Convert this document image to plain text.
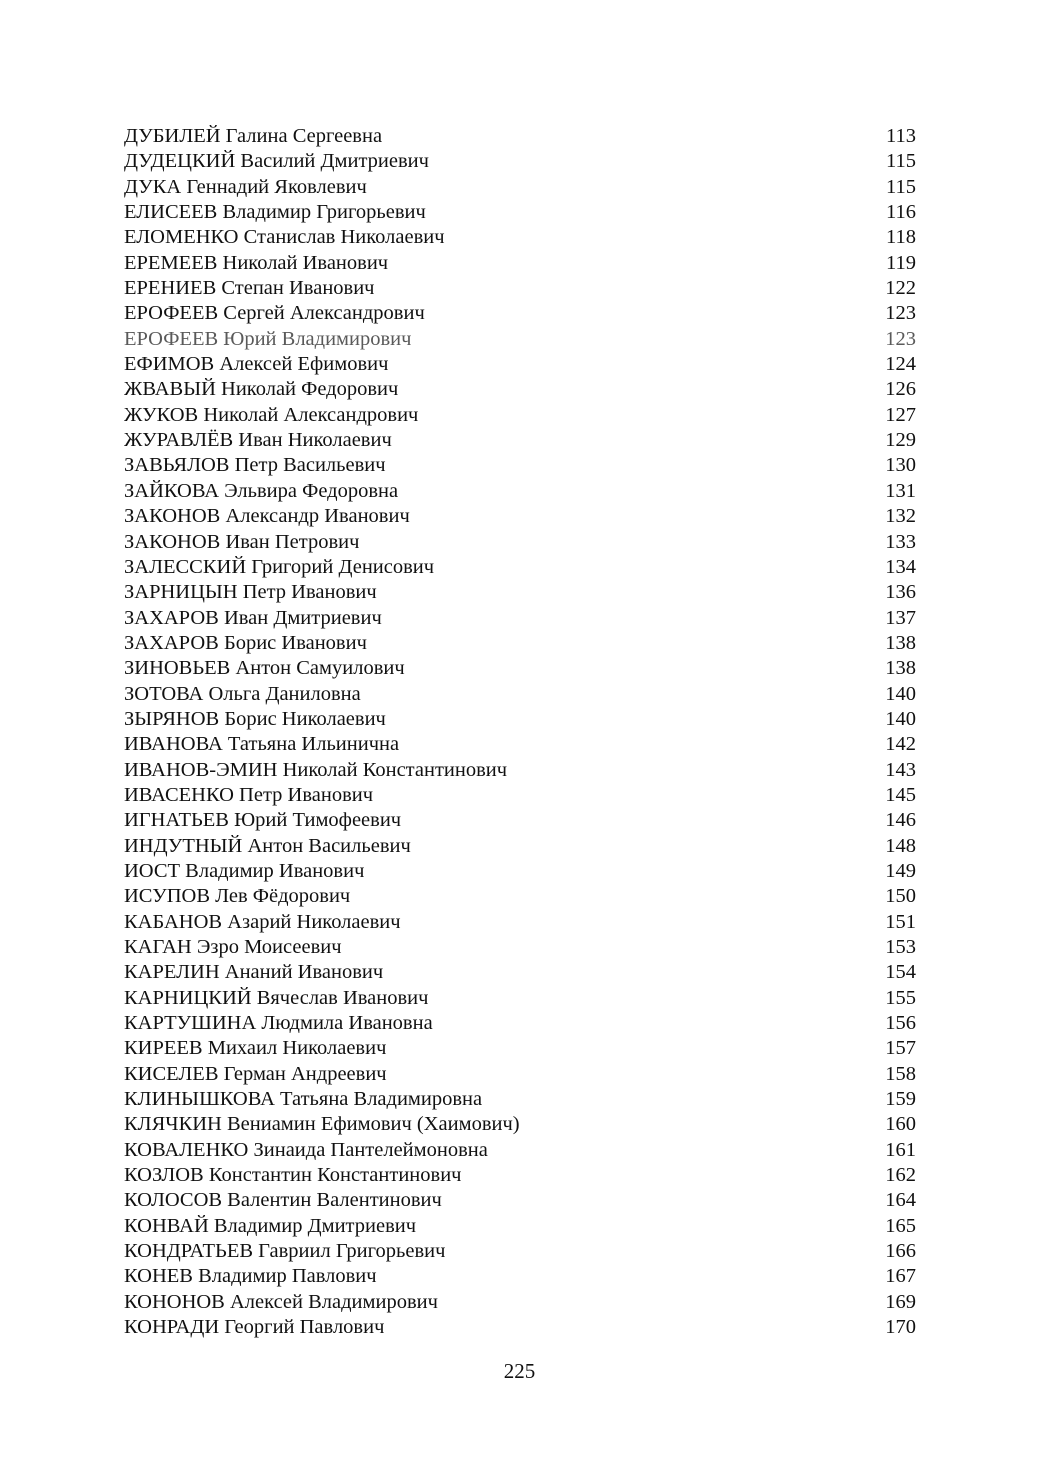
ДУБИЛЕЙ Галина Сергеевна	113
ДУДЕЦКИЙ Василий Дмитриевич	115
ДУКА Геннадий Яковлевич	115
ЕЛИСЕЕВ Владимир Григорьевич	116
ЕЛОМЕНКО Станислав Николаевич	118
ЕРЕМЕЕВ Николай Иванович	119
ЕРЕНИЕВ Степан Иванович	122
ЕРОФЕЕВ Сергей Александрович	123
ЕРОФЕЕВ Юрий Владимирович	123
ЕФИМОВ Алексей Ефимович	124
ЖВАВЫЙ Николай Федорович	126
ЖУКОВ Николай Александрович	127
ЖУРАВЛЁВ Иван Николаевич	129
ЗАВЬЯЛОВ Петр Васильевич	130
ЗАЙКОВА Эльвира Федоровна	131
ЗАКОНОВ Александр Иванович	132
ЗАКОНОВ Иван Петрович	133
ЗАЛЕССКИЙ Григорий Денисович	134
ЗАРНИЦЫН Петр Иванович	136
ЗАХАРОВ Иван Дмитриевич	137
ЗАХАРОВ Борис Иванович	138
ЗИНОВЬЕВ Антон Самуилович	138
ЗОТОВА Ольга Даниловна	140
ЗЫРЯНОВ Борис Николаевич	140
ИВАНОВА Татьяна Ильинична	142
ИВАНОВ-ЭМИН Николай Константинович	143
ИВАСЕНКО Петр Иванович	145
ИГНАТЬЕВ Юрий Тимофеевич	146
ИНДУТНЫЙ Антон Васильевич	148
ИОСТ Владимир Иванович	149
ИСУПОВ Лев Фёдорович	150
КАБАНОВ Азарий Николаевич	151
КАГАН Эзро Моисеевич	153
КАРЕЛИН Ананий Иванович	154
КАРНИЦКИЙ Вячеслав Иванович	155
КАРТУШИНА Людмила Ивановна	156
КИРЕЕВ Михаил Николаевич	157
КИСЕЛЕВ Герман Андреевич	158
КЛИНЫШКОВА Татьяна Владимировна	159
КЛЯЧКИН Вениамин Ефимович (Хаимович)	160
КОВАЛЕНКО Зинаида Пантелеймоновна	161
КОЗЛОВ Константин Константинович	162
КОЛОСОВ Валентин Валентинович	164
КОНВАЙ Владимир Дмитриевич	165
КОНДРАТЬЕВ Гавриил Григорьевич	166
КОНЕВ Владимир Павлович	167
КОНОНОВ Алексей Владимирович	169
КОНРАДИ Георгий Павлович	170
225
